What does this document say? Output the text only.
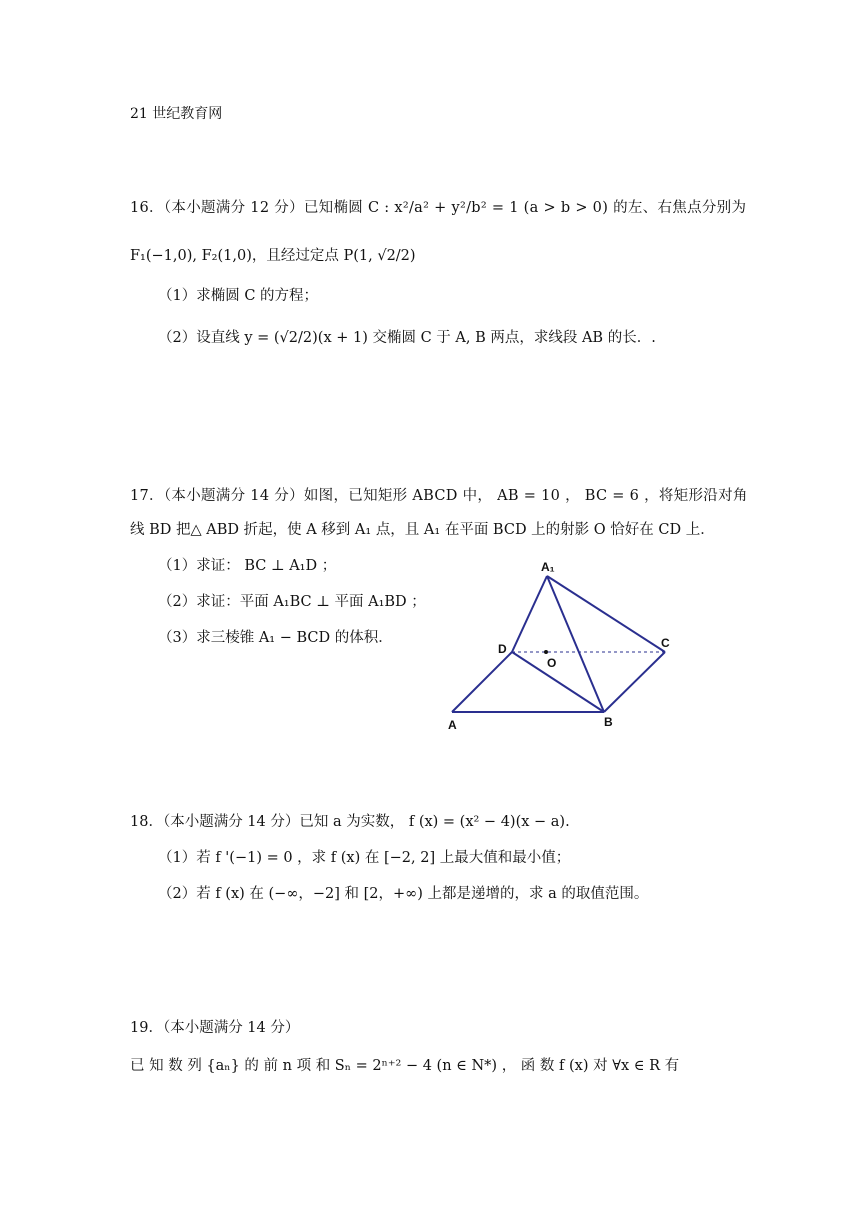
21 世纪教育网
16．（本小题满分 12 分）已知椭圆 C : x²/a² + y²/b² = 1 (a > b > 0) 的左、右焦点分别为
F₁(−1,0), F₂(1,0)，且经过定点 P(1, √2/2)
（1）求椭圆 C 的方程；
（2）设直线 y = (√2/2)(x + 1) 交椭圆 C 于 A, B 两点，求线段 AB 的长．.
17．（本小题满分 14 分）如图，已知矩形 ABCD 中， AB = 10 ， BC = 6 ，将矩形沿对角
线 BD 把△ ABD 折起，使 A 移到 A₁ 点，且 A₁ 在平面 BCD 上的射影 O 恰好在 CD 上．
（1）求证： BC ⊥ A₁D ；
（2）求证：平面 A₁BC ⊥ 平面 A₁BD ；
（3）求三棱锥 A₁ − BCD 的体积．
A₁
D
O
C
A	B
18．（本小题满分 14 分）已知 a 为实数， f (x) = (x² − 4)(x − a).
（1）若 f '(−1) = 0 ，求 f (x) 在 [−2, 2] 上最大值和最小值；
（2）若 f (x) 在 (−∞，−2] 和 [2，+∞) 上都是递增的，求 a 的取值范围。
19．（本小题满分 14 分）
已 知 数 列 {aₙ} 的 前 n 项 和 Sₙ = 2ⁿ⁺² − 4 (n ∈ N*) ， 函 数 f (x) 对 ∀x ∈ R 有
